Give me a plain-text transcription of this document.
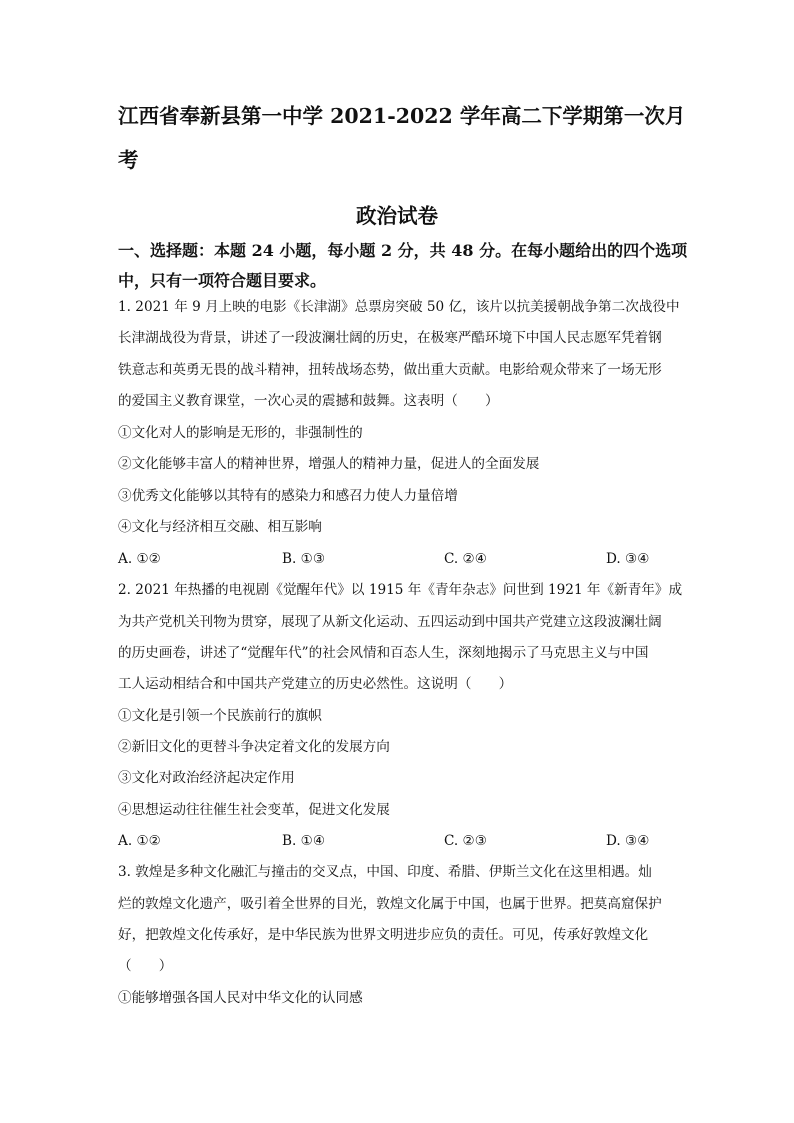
江西省奉新县第一中学 2021-2022 学年高二下学期第一次月
考
政治试卷
一、选择题：本题 24 小题，每小题 2 分，共 48 分。在每小题给出的四个选项
中，只有一项符合题目要求。
1. 2021 年 9 月上映的电影《长津湖》总票房突破 50 亿，该片以抗美援朝战争第二次战役中
长津湖战役为背景，讲述了一段波澜壮阔的历史，在极寒严酷环境下中国人民志愿军凭着钢
铁意志和英勇无畏的战斗精神，扭转战场态势，做出重大贡献。电影给观众带来了一场无形
的爱国主义教育课堂，一次心灵的震撼和鼓舞。这表明（　　）
①文化对人的影响是无形的，非强制性的
②文化能够丰富人的精神世界，增强人的精神力量，促进人的全面发展
③优秀文化能够以其特有的感染力和感召力使人力量倍增
④文化与经济相互交融、相互影响
A. ①②	B. ①③	C. ②④	D. ③④
2. 2021 年热播的电视剧《觉醒年代》以 1915 年《青年杂志》问世到 1921 年《新青年》成
为共产党机关刊物为贯穿，展现了从新文化运动、五四运动到中国共产党建立这段波澜壮阔
的历史画卷，讲述了“觉醒年代”的社会风情和百态人生，深刻地揭示了马克思主义与中国
工人运动相结合和中国共产党建立的历史必然性。这说明（　　）
①文化是引领一个民族前行的旗帜
②新旧文化的更替斗争决定着文化的发展方向
③文化对政治经济起决定作用
④思想运动往往催生社会变革，促进文化发展
A. ①②	B. ①④	C. ②③	D. ③④
3. 敦煌是多种文化融汇与撞击的交叉点，中国、印度、希腊、伊斯兰文化在这里相遇。灿
烂的敦煌文化遗产，吸引着全世界的目光，敦煌文化属于中国，也属于世界。把莫高窟保护
好，把敦煌文化传承好，是中华民族为世界文明进步应负的责任。可见，传承好敦煌文化
（　　）
①能够增强各国人民对中华文化的认同感
